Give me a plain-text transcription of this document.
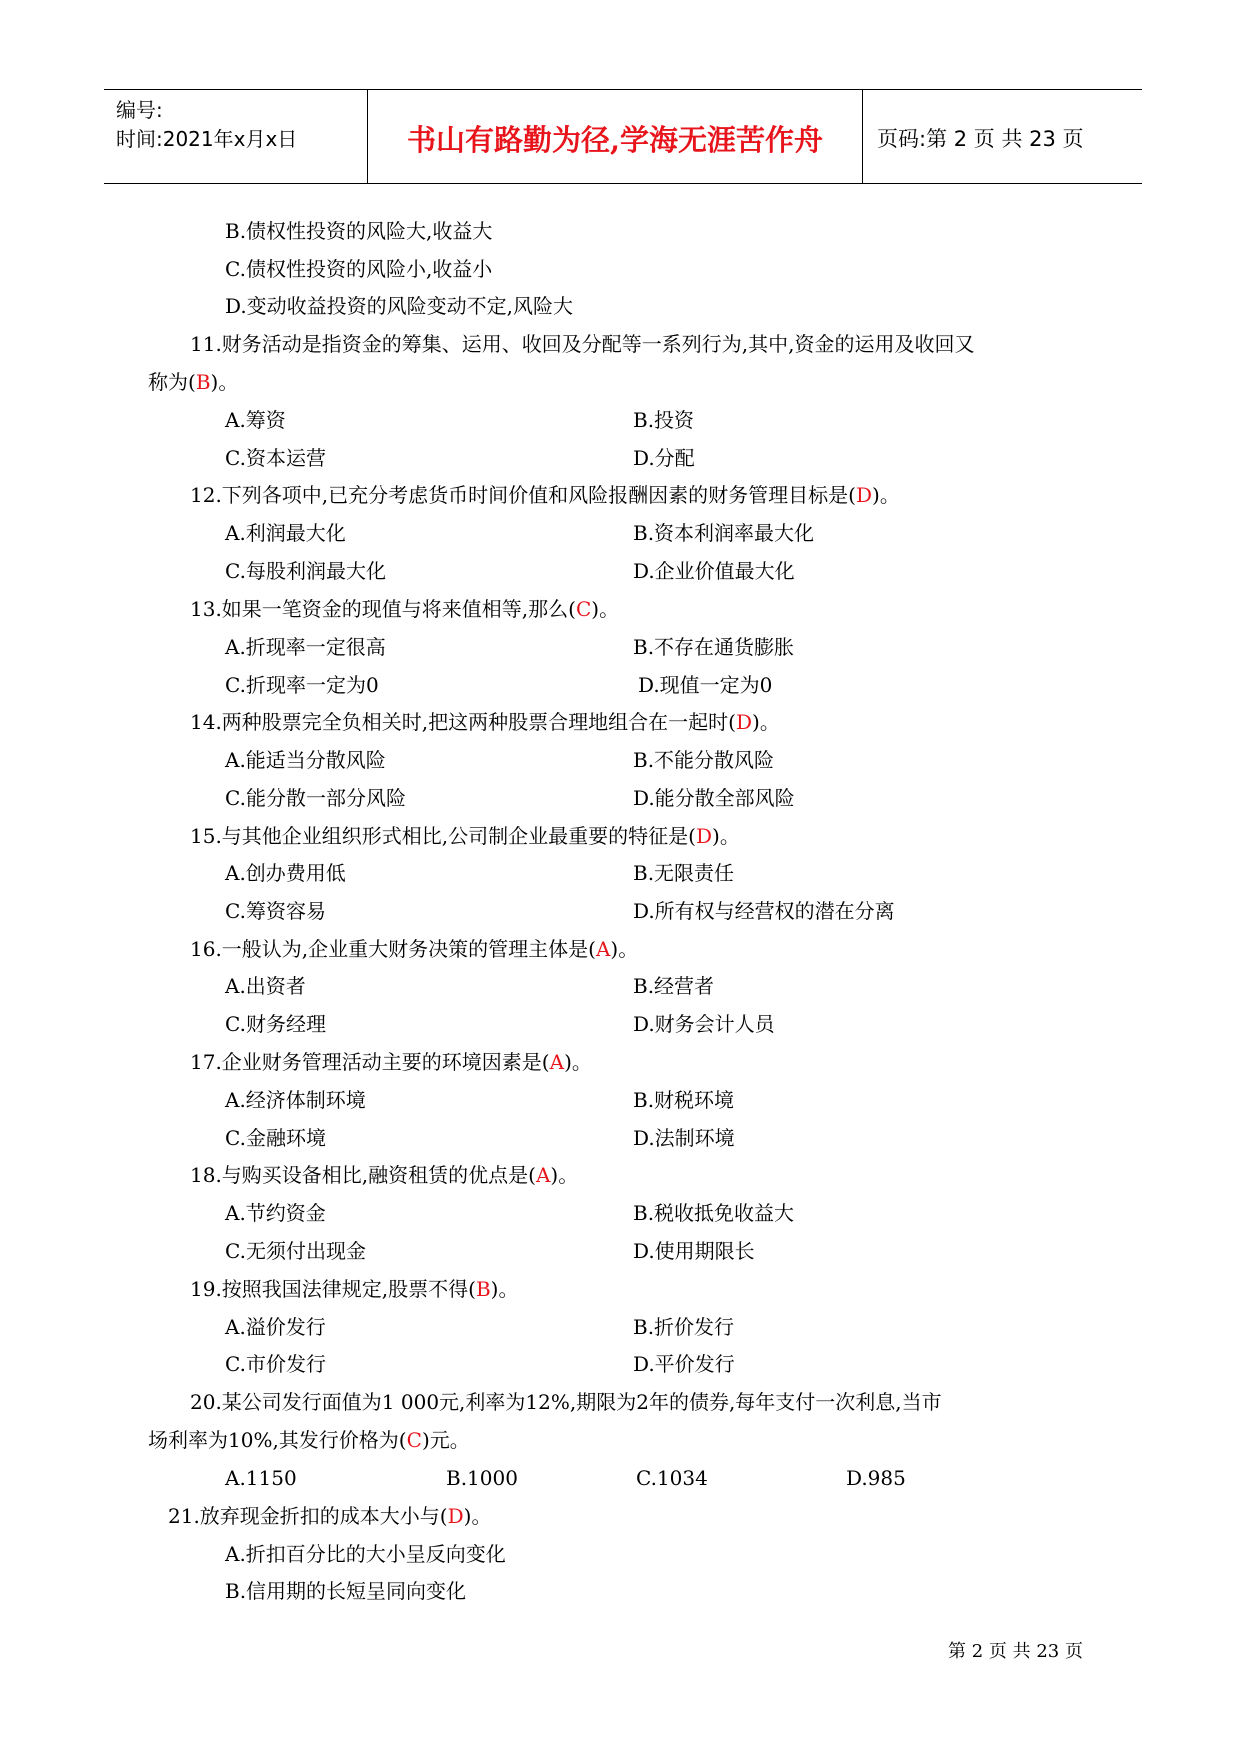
编号:
时间:2021年x月x日	书山有路勤为径,学海无涯苦作舟	页码:第 2 页 共 23 页
B.债权性投资的风险大,收益大
C.债权性投资的风险小,收益小
D.变动收益投资的风险变动不定,风险大
11.财务活动是指资金的筹集、运用、收回及分配等一系列行为,其中,资金的运用及收回又
称为(B)。
A.筹资	B.投资
C.资本运营	D.分配
12.下列各项中,已充分考虑货币时间价值和风险报酬因素的财务管理目标是(D)。
A.利润最大化	B.资本利润率最大化
C.每股利润最大化	D.企业价值最大化
13.如果一笔资金的现值与将来值相等,那么(C)。
A.折现率一定很高	B.不存在通货膨胀
C.折现率一定为0	D.现值一定为0
14.两种股票完全负相关时,把这两种股票合理地组合在一起时(D)。
A.能适当分散风险	B.不能分散风险
C.能分散一部分风险	D.能分散全部风险
15.与其他企业组织形式相比,公司制企业最重要的特征是(D)。
A.创办费用低	B.无限责任
C.筹资容易	D.所有权与经营权的潜在分离
16.一般认为,企业重大财务决策的管理主体是(A)。
A.出资者	B.经营者
C.财务经理	D.财务会计人员
17.企业财务管理活动主要的环境因素是(A)。
A.经济体制环境	B.财税环境
C.金融环境	D.法制环境
18.与购买设备相比,融资租赁的优点是(A)。
A.节约资金	B.税收抵免收益大
C.无须付出现金	D.使用期限长
19.按照我国法律规定,股票不得(B)。
A.溢价发行	B.折价发行
C.市价发行	D.平价发行
20.某公司发行面值为1 000元,利率为12%,期限为2年的债券,每年支付一次利息,当市
场利率为10%,其发行价格为(C)元。
A.1150	B.1000	C.1034	D.985
21.放弃现金折扣的成本大小与(D)。
A.折扣百分比的大小呈反向变化
B.信用期的长短呈同向变化
第 2 页 共 23 页
